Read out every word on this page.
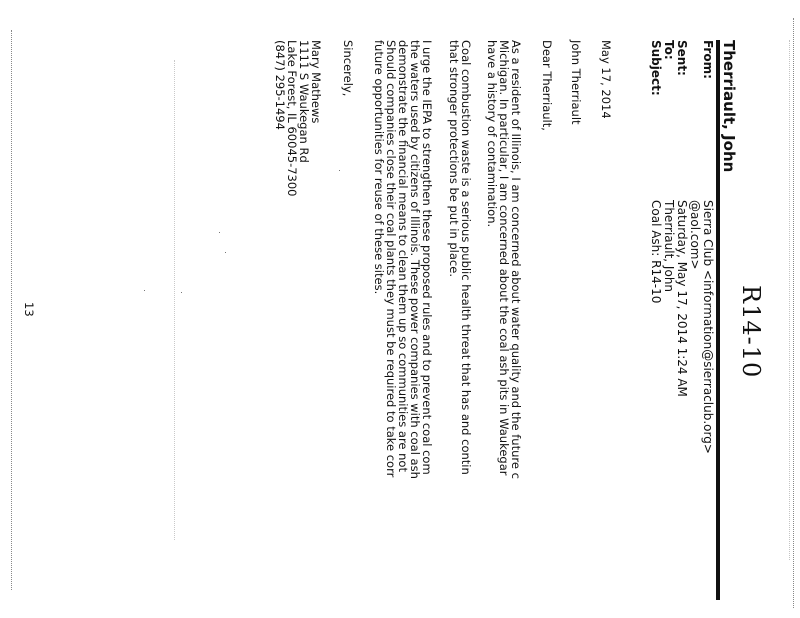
R14-10
From:
Sierra Club <information@sierraclub.org>
@aol.com>
Sent:
Saturday, May 17, 2014 1:24 AM
To:
Therriault, John
Subject:
Coal Ash: R14-10
Therriault, John
May 17, 2014
John Therriault
Dear Therriault,
As a resident of Illinois, I am concerned about water quality and the future c
Michigan. In particular, I am concerned about the coal ash pits in Waukegar
have a history of contamination.
Coal combustion waste is a serious public health threat that has and contin
that stronger protections be put in place.
I urge the IEPA to strengthen these proposed rules and to prevent coal com
the waters used by citizens of Illinois. These power companies with coal ash
demonstrate the financial means to clean them up so communities are not
Should companies close their coal plants they must be required to take corr
future opportunities for reuse of these sites.
Sincerely,
Mary Mathews
1111 S Waukegan Rd
Lake Forest, IL 60045-7300
(847) 295-1494
13
